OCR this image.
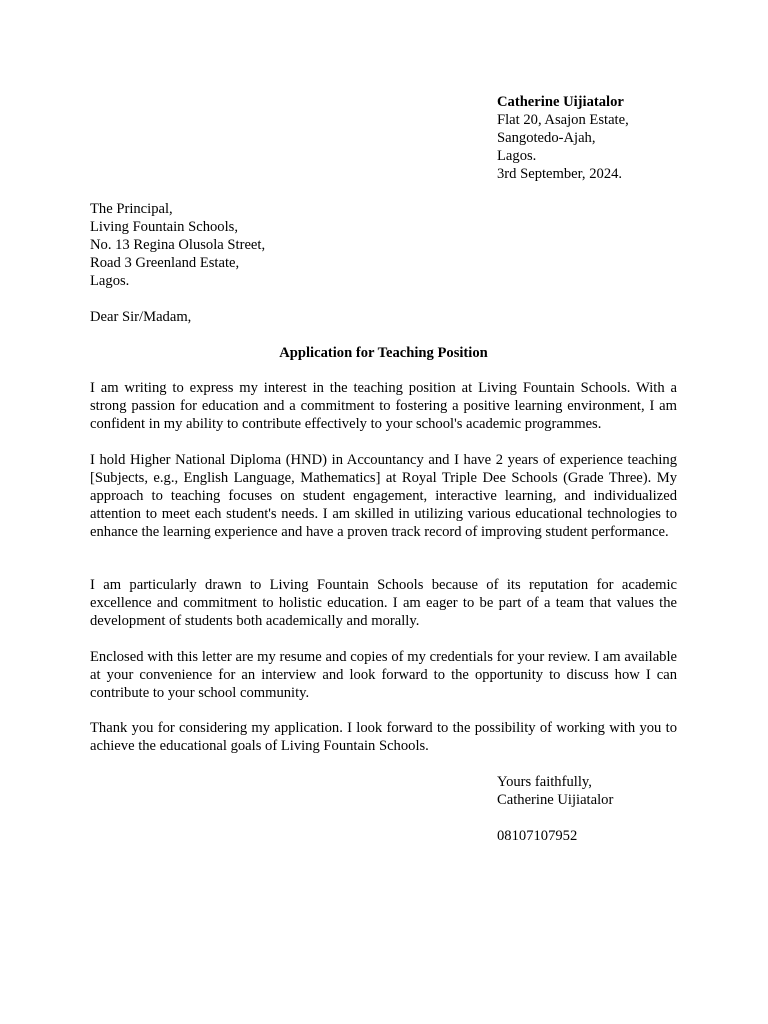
Catherine Uijiatalor
Flat 20, Asajon Estate,
Sangotedo-Ajah,
Lagos.
3rd September, 2024.
The Principal,
Living Fountain Schools,
No. 13 Regina Olusola Street,
Road 3 Greenland Estate,
Lagos.
Dear Sir/Madam,
Application for Teaching Position

I am writing to express my interest in the teaching position at Living Fountain Schools. With a strong passion for education and a commitment to fostering a positive learning environment, I am confident in my ability to contribute effectively to your school's academic programmes.

I hold Higher National Diploma (HND) in Accountancy and I have 2 years of experience teaching [Subjects, e.g., English Language, Mathematics] at Royal Triple Dee Schools (Grade Three). My approach to teaching focuses on student engagement, interactive learning, and individualized attention to meet each student's needs. I am skilled in utilizing various educational technologies to enhance the learning experience and have a proven track record of improving student performance.

I am particularly drawn to Living Fountain Schools because of its reputation for academic excellence and commitment to holistic education. I am eager to be part of a team that values the development of students both academically and morally.

Enclosed with this letter are my resume and copies of my credentials for your review. I am available at your convenience for an interview and look forward to the opportunity to discuss how I can contribute to your school community.

Thank you for considering my application. I look forward to the possibility of working with you to achieve the educational goals of Living Fountain Schools.

Yours faithfully,
Catherine Uijiatalor
08107107952
